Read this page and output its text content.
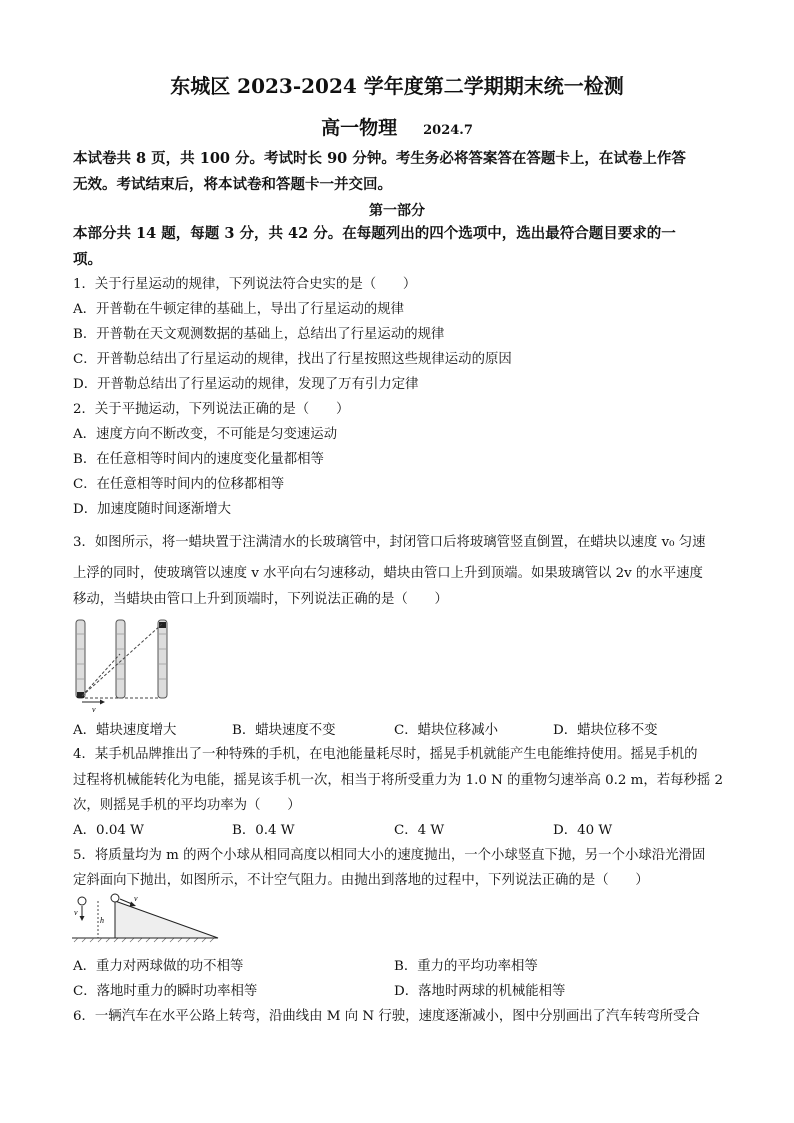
东城区 2023-2024 学年度第二学期期末统一检测
高一物理 2024.7
本试卷共 8 页，共 100 分。考试时长 90 分钟。考生务必将答案答在答题卡上，在试卷上作答
无效。考试结束后，将本试卷和答题卡一并交回。
第一部分
本部分共 14 题，每题 3 分，共 42 分。在每题列出的四个选项中，选出最符合题目要求的一
项。
1．关于行星运动的规律，下列说法符合史实的是（　　）
A．开普勒在牛顿定律的基础上，导出了行星运动的规律
B．开普勒在天文观测数据的基础上，总结出了行星运动的规律
C．开普勒总结出了行星运动的规律，找出了行星按照这些规律运动的原因
D．开普勒总结出了行星运动的规律，发现了万有引力定律
2．关于平抛运动，下列说法正确的是（　　）
A．速度方向不断改变，不可能是匀变速运动
B．在任意相等时间内的速度变化量都相等
C．在任意相等时间内的位移都相等
D．加速度随时间逐渐增大
3．如图所示，将一蜡块置于注满清水的长玻璃管中，封闭管口后将玻璃管竖直倒置，在蜡块以速度 v₀ 匀速
上浮的同时，使玻璃管以速度 v 水平向右匀速移动，蜡块由管口上升到顶端。如果玻璃管以 2v 的水平速度
移动，当蜡块由管口上升到顶端时，下列说法正确的是（　　）
v
A．蜡块速度增大	B．蜡块速度不变	C．蜡块位移减小	D．蜡块位移不变
4．某手机品牌推出了一种特殊的手机，在电池能量耗尽时，摇晃手机就能产生电能维持使用。摇晃手机的
过程将机械能转化为电能，摇晃该手机一次，相当于将所受重力为 1.0 N 的重物匀速举高 0.2 m，若每秒摇 2
次，则摇晃手机的平均功率为（　　）
A．0.04 W	B．0.4 W	C．4 W	D．40 W
5．将质量均为 m 的两个小球从相同高度以相同大小的速度抛出，一个小球竖直下抛，另一个小球沿光滑固
定斜面向下抛出，如图所示，不计空气阻力。由抛出到落地的过程中，下列说法正确的是（　　）
h
v
v
A．重力对两球做的功不相等	B．重力的平均功率相等
C．落地时重力的瞬时功率相等	D．落地时两球的机械能相等
6．一辆汽车在水平公路上转弯，沿曲线由 M 向 N 行驶，速度逐渐减小，图中分别画出了汽车转弯所受合
